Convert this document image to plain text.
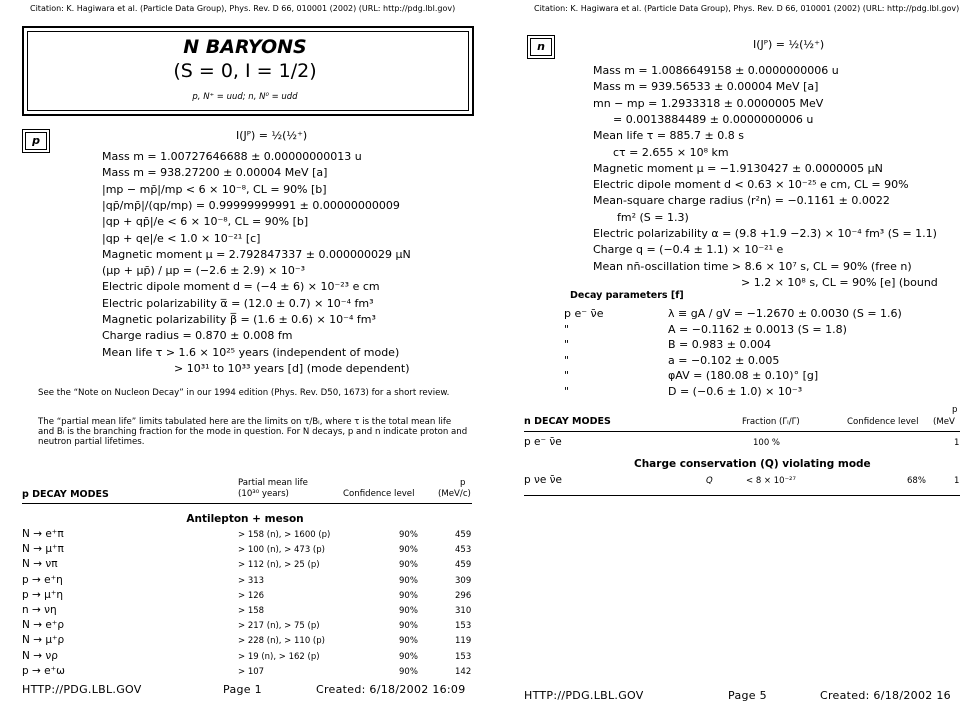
Citation: K. Hagiwara et al. (Particle Data Group), Phys. Rev. D 66, 010001 (2002) (URL: http://pdg.lbl.gov)
N BARYONS
(S = 0, I = 1/2)
p, N⁺ = uud; n, N⁰ = udd
p	I(Jᴾ) = ½(½⁺)
Mass m = 1.00727646688 ± 0.00000000013 u
Mass m = 938.27200 ± 0.00004 MeV [a]
|mp − mp̄|/mp < 6 × 10⁻⁸, CL = 90% [b]
|qp̄/mp̄|/(qp/mp) = 0.99999999991 ± 0.00000000009
|qp + qp̄|/e < 6 × 10⁻⁸, CL = 90% [b]
|qp + qe|/e < 1.0 × 10⁻²¹ [c]
Magnetic moment μ = 2.792847337 ± 0.000000029 μN
(μp + μp̄) / μp = (−2.6 ± 2.9) × 10⁻³
Electric dipole moment d = (−4 ± 6) × 10⁻²³ e cm
Electric polarizability α̅ = (12.0 ± 0.7) × 10⁻⁴ fm³
Magnetic polarizability β̅ = (1.6 ± 0.6) × 10⁻⁴ fm³
Charge radius = 0.870 ± 0.008 fm
Mean life τ > 1.6 × 10²⁵ years (independent of mode)
> 10³¹ to 10³³ years [d] (mode dependent)
See the “Note on Nucleon Decay” in our 1994 edition (Phys. Rev. D50, 1673) for a short review.
The “partial mean life” limits tabulated here are the limits on τ/Bᵢ, where τ is the total mean life and Bᵢ is the branching fraction for the mode in question. For N decays, p and n indicate proton and neutron partial lifetimes.
Partial mean life
(10³⁰ years)
p
(MeV/c)
p DECAY MODES	Confidence level
Antilepton + meson
N → e⁺π	> 158 (n), > 1600 (p)	90%	459
N → μ⁺π	> 100 (n), > 473 (p)	90%	453
N → νπ	> 112 (n), > 25 (p)	90%	459
p → e⁺η	> 313	90%	309
p → μ⁺η	> 126	90%	296
n → νη	> 158	90%	310
N → e⁺ρ	> 217 (n), > 75 (p)	90%	153
N → μ⁺ρ	> 228 (n), > 110 (p)	90%	119
N → νρ	> 19 (n), > 162 (p)	90%	153
p → e⁺ω	> 107	90%	142
HTTP://PDG.LBL.GOV	Page 1	Created: 6/18/2002 16:09
Citation: K. Hagiwara et al. (Particle Data Group), Phys. Rev. D 66, 010001 (2002) (URL: http://pdg.lbl.gov)
n	I(Jᴾ) = ½(½⁺)
Mass m = 1.0086649158 ± 0.0000000006 u
Mass m = 939.56533 ± 0.00004 MeV [a]
mn − mp = 1.2933318 ± 0.0000005 MeV
= 0.0013884489 ± 0.0000000006 u
Mean life τ = 885.7 ± 0.8 s
cτ = 2.655 × 10⁸ km
Magnetic moment μ = −1.9130427 ± 0.0000005 μN
Electric dipole moment d < 0.63 × 10⁻²⁵ e cm, CL = 90%
Mean-square charge radius ⟨r²n⟩ = −0.1161 ± 0.0022
fm² (S = 1.3)
Electric polarizability α = (9.8 +1.9 −2.3) × 10⁻⁴ fm³ (S = 1.1)
Charge q = (−0.4 ± 1.1) × 10⁻²¹ e
Mean nn̄-oscillation time > 8.6 × 10⁷ s, CL = 90% (free n)
> 1.2 × 10⁸ s, CL = 90% [e] (bound
Decay parameters [f]
p e⁻ ν̄e	λ ≡ gA / gV = −1.2670 ± 0.0030 (S = 1.6)
"	A = −0.1162 ± 0.0013 (S = 1.8)
"	B = 0.983 ± 0.004
"	a = −0.102 ± 0.005
"	φAV = (180.08 ± 0.10)° [g]
"	D = (−0.6 ± 1.0) × 10⁻³
p
n DECAY MODES	Fraction (Γᵢ/Γ)	Confidence level (MeV
p e⁻ ν̄e	100 %	1
Charge conservation (Q) violating mode
p νe ν̄e	Q	< 8 × 10⁻²⁷	68%	1
HTTP://PDG.LBL.GOV	Page 5	Created: 6/18/2002 16
